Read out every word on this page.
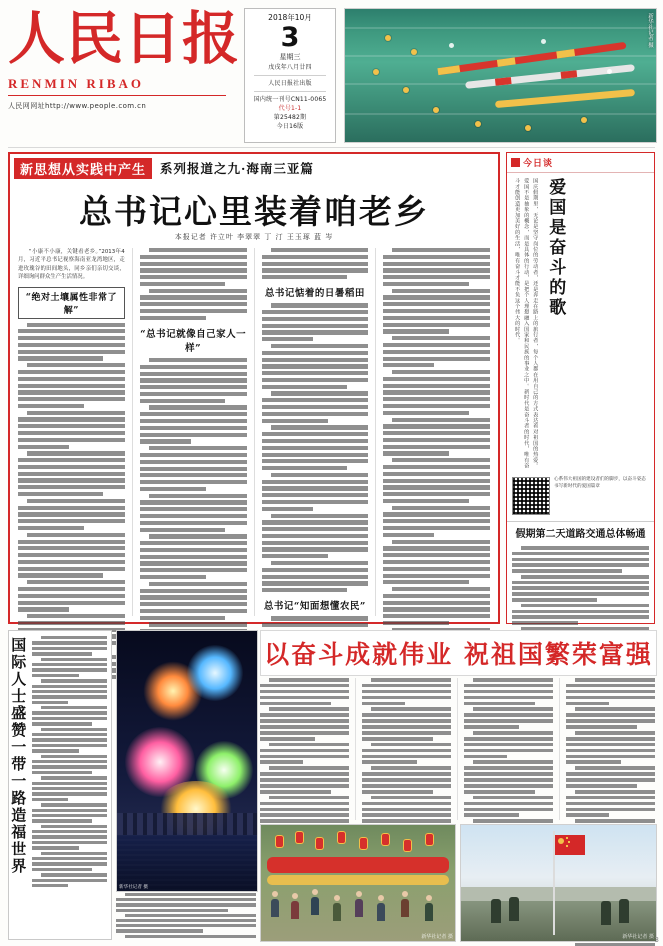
人民日报
RENMIN RIBAO
人民网网址http://www.people.com.cn
2018年10月
3
星期三
戊戌年八月廿四
人民日报社出版
国内统一刊号CN11-0065
代号1-1
第25482期
今日16版
新华社记者 摄
新思想从实践中产生	系列报道之九·海南三亚篇
总书记心里装着咱老乡
本报记者 许立叶 李翠翠 丁 汀 王玉琢 蓝 岑

“小康不小康，关键看老乡。”2013年4月，习近平总书记视察海南亚龙湾地区，走进玫瑰谷的田间地头，同乡亲们亲切交谈，详细询问群众生产生活情况。

“绝对土壤属性非常了解”
“总书记就像自己家人一样”
总书记惦着的日暑稻田
总书记“知面想懂农民”
今日谈
国庆假期里，无论是坚守岗位的劳动者，还是奔走在路上的旅行者，每个人都在用自己的方式表达着对祖国的热爱。爱国不是抽象的概念，而是具体的行动，是把个人理想融入国家和民族的事业之中。新时代是奋斗者的时代，唯有奋斗才能创造更加美好的生活，唯有奋斗才能不负这个伟大的时代。	爱国是奋斗的歌
心系伟大祖国的建设者们的脚步，以奋斗姿态书写新时代的爱国篇章
假期第二天道路交通总体畅通
国际人士盛赞一带一路造福世界
新华社记者 摄
以奋斗成就伟业 祝祖国繁荣富强
新华社记者 摄	新华社记者 摄 3
